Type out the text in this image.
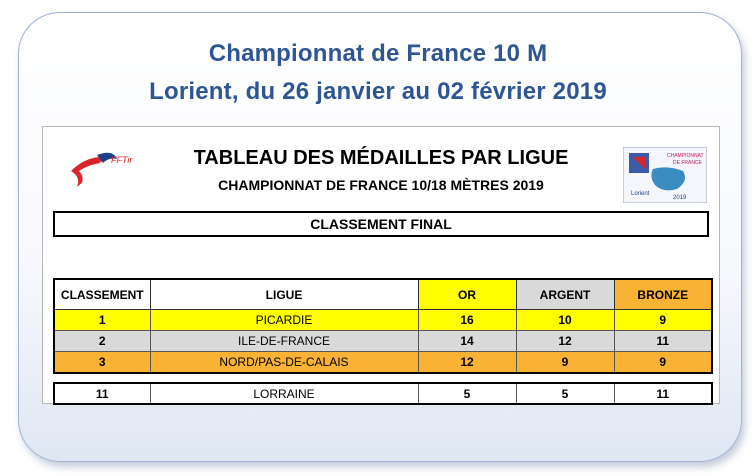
Championnat de France 10 M
Lorient, du 26 janvier au 02 février 2019
FFTir	CHAMPIONNAT
DE FRANCE
Lorient
2019
TABLEAU DES MÉDAILLES PAR LIGUE
CHAMPIONNAT DE FRANCE 10/18 MÈTRES 2019
CLASSEMENT FINAL
CLASSEMENT	LIGUE	OR	ARGENT	BRONZE
1	PICARDIE	16	10	9
2	ILE-DE-FRANCE	14	12	11
3	NORD/PAS-DE-CALAIS	12	9	9
11	LORRAINE	5	5	11
